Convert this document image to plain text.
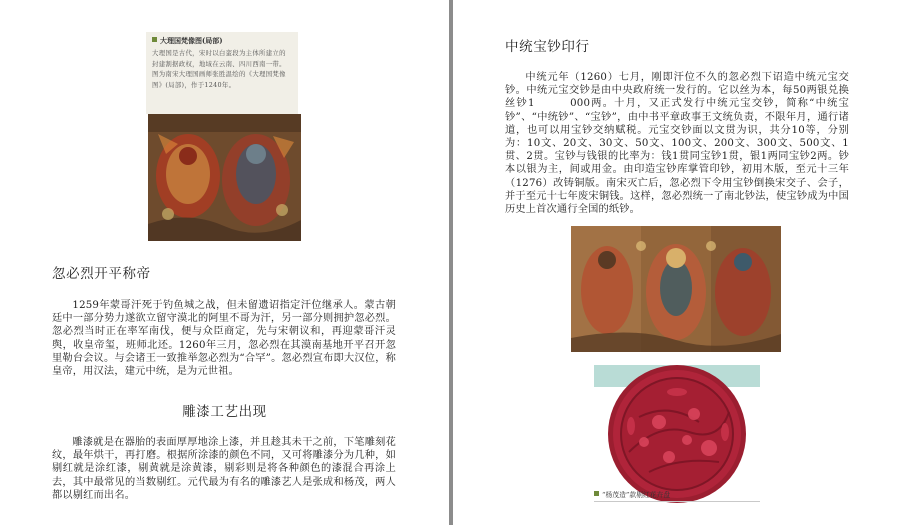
大理国梵像图(局部)
大理国是古代，宋时以白蛮段为主体所建立的封建割据政权，地域在云南、四川西南一带。图为南宋大理国画师张胜温绘的《大理国梵像图》(局部)，作于1240年。
忽必烈开平称帝

1259年蒙哥汗死于钓鱼城之战，但未留遗诏指定汗位继承人。蒙古朝廷中一部分势力遂欲立留守漠北的阿里不哥为汗，另一部分则拥护忽必烈。忽必烈当时正在率军南伐，便与众臣商定，先与宋朝议和，再迎蒙哥汗灵舆，收皇帝玺，班师北还。1260年三月，忽必烈在其漠南基地开平召开忽里勒台会议。与会诸王一致推举忽必烈为“合罕”。忽必烈宣布即大汉位，称皇帝，用汉法，建元中统，是为元世祖。

雕漆工艺出现

雕漆就是在器胎的表面厚厚地涂上漆，并且趁其未干之前，下笔雕刻花纹，最年烘干，再打磨。根据所涂漆的颜色不同，又可将雕漆分为几种，如剔红就是涂红漆，剔黄就是涂黄漆，剔彩则是将各种颜色的漆混合再涂上去，其中最常见的当数剔红。元代最为有名的雕漆艺人是张成和杨茂，两人都以剔红而出名。

中统宝钞印行

中统元年（1260）七月，刚即汗位不久的忽必烈下诏造中统元宝交钞。中统元宝交钞是由中央政府统一发行的。它以丝为本，每50两银兑换丝钞1　　　000两。十月，又正式发行中统元宝交钞，简称“中统宝钞”、“中统钞”、“宝钞”，由中书平章政事王文统负责，不限年月，通行诸道，也可以用宝钞交纳赋税。元宝交钞面以文贯为识，共分10等，分别为：10文、20文、30文、50文、100文、200文、300文、500文、1贯、2贯。宝钞与钱银的比率为：钱1贯同宝钞1贯，银1两同宝钞2两。钞本以银为主，间或用金。由印造宝钞库掌管印钞，初用木版，至元十三年（1276）改铸铜版。南宋灭亡后，忽必烈下令用宝钞倒换宋交子、会子，并于至元十七年废宋铜钱。这样，忽必烈统一了南北钞法，使宝钞成为中国历史上首次通行全国的纸钞。

“杨茂造”款剔红花卉盘
